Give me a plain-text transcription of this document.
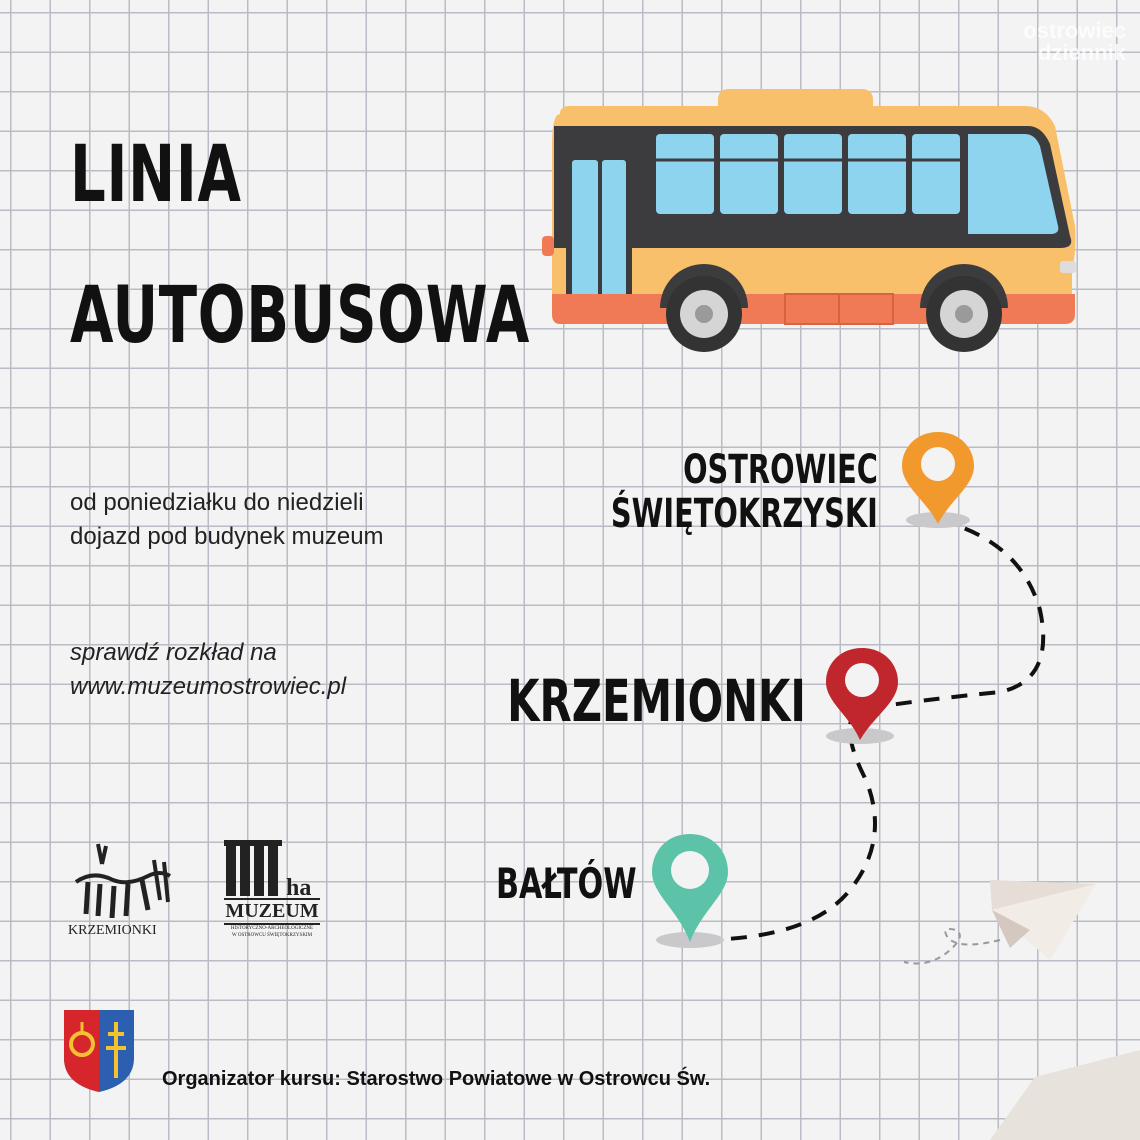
ostrowiec
dziennik
LINIA
AUTOBUSOWA
od poniedziałku do niedzieli
dojazd pod budynek muzeum
sprawdź rozkład na
www.muzeumostrowiec.pl
OSTROWIEC
ŚWIĘTOKRZYSKI
KRZEMIONKI
BAŁTÓW
KRZEMIONKI
ha
MUZEUM
HISTORYCZNO-ARCHEOLOGICZNE
W OSTROWCU ŚWIĘTOKRZYSKIM
Organizator kursu: Starostwo Powiatowe w Ostrowcu Św.
